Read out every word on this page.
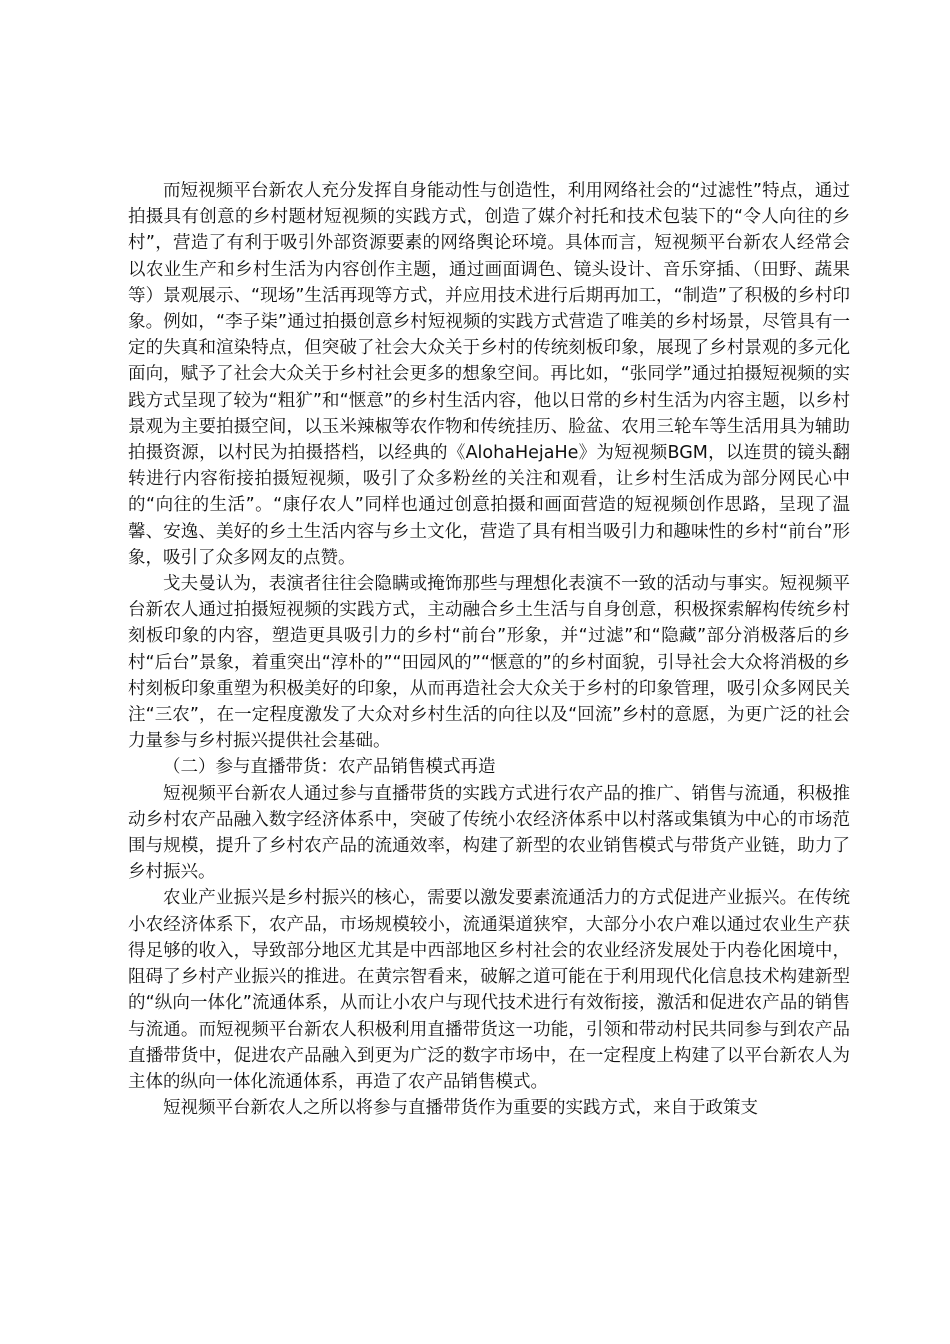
而短视频平台新农人充分发挥自身能动性与创造性，利用网络社会的“过滤性”特点，通过拍摄具有创意的乡村题材短视频的实践方式，创造了媒介衬托和技术包装下的“令人向往的乡村”，营造了有利于吸引外部资源要素的网络舆论环境。具体而言，短视频平台新农人经常会以农业生产和乡村生活为内容创作主题，通过画面调色、镜头设计、音乐穿插、（田野、蔬果等）景观展示、“现场”生活再现等方式，并应用技术进行后期再加工，“制造”了积极的乡村印象。例如，“李子柒”通过拍摄创意乡村短视频的实践方式营造了唯美的乡村场景，尽管具有一定的失真和渲染特点，但突破了社会大众关于乡村的传统刻板印象，展现了乡村景观的多元化面向，赋予了社会大众关于乡村社会更多的想象空间。再比如，“张同学”通过拍摄短视频的实践方式呈现了较为“粗犷”和“惬意”的乡村生活内容，他以日常的乡村生活为内容主题，以乡村景观为主要拍摄空间，以玉米辣椒等农作物和传统挂历、脸盆、农用三轮车等生活用具为辅助拍摄资源，以村民为拍摄搭档，以经典的《AlohaHejaHe》为短视频BGM，以连贯的镜头翻转进行内容衔接拍摄短视频，吸引了众多粉丝的关注和观看，让乡村生活成为部分网民心中的“向往的生活”。“康仔农人”同样也通过创意拍摄和画面营造的短视频创作思路，呈现了温馨、安逸、美好的乡土生活内容与乡土文化，营造了具有相当吸引力和趣味性的乡村“前台”形象，吸引了众多网友的点赞。

戈夫曼认为，表演者往往会隐瞒或掩饰那些与理想化表演不一致的活动与事实。短视频平台新农人通过拍摄短视频的实践方式，主动融合乡土生活与自身创意，积极探索解构传统乡村刻板印象的内容，塑造更具吸引力的乡村“前台”形象，并“过滤”和“隐藏”部分消极落后的乡村“后台”景象，着重突出“淳朴的”“田园风的”“惬意的”的乡村面貌，引导社会大众将消极的乡村刻板印象重塑为积极美好的印象，从而再造社会大众关于乡村的印象管理，吸引众多网民关注“三农”，在一定程度激发了大众对乡村生活的向往以及“回流”乡村的意愿，为更广泛的社会力量参与乡村振兴提供社会基础。

（二）参与直播带货：农产品销售模式再造

短视频平台新农人通过参与直播带货的实践方式进行农产品的推广、销售与流通，积极推动乡村农产品融入数字经济体系中，突破了传统小农经济体系中以村落或集镇为中心的市场范围与规模，提升了乡村农产品的流通效率，构建了新型的农业销售模式与带货产业链，助力了乡村振兴。

农业产业振兴是乡村振兴的核心，需要以激发要素流通活力的方式促进产业振兴。在传统小农经济体系下，农产品，市场规模较小，流通渠道狭窄，大部分小农户难以通过农业生产获得足够的收入，导致部分地区尤其是中西部地区乡村社会的农业经济发展处于内卷化困境中，阻碍了乡村产业振兴的推进。在黄宗智看来，破解之道可能在于利用现代化信息技术构建新型的“纵向一体化”流通体系，从而让小农户与现代技术进行有效衔接，激活和促进农产品的销售与流通。而短视频平台新农人积极利用直播带货这一功能，引领和带动村民共同参与到农产品直播带货中，促进农产品融入到更为广泛的数字市场中，在一定程度上构建了以平台新农人为主体的纵向一体化流通体系，再造了农产品销售模式。

短视频平台新农人之所以将参与直播带货作为重要的实践方式，来自于政策支
